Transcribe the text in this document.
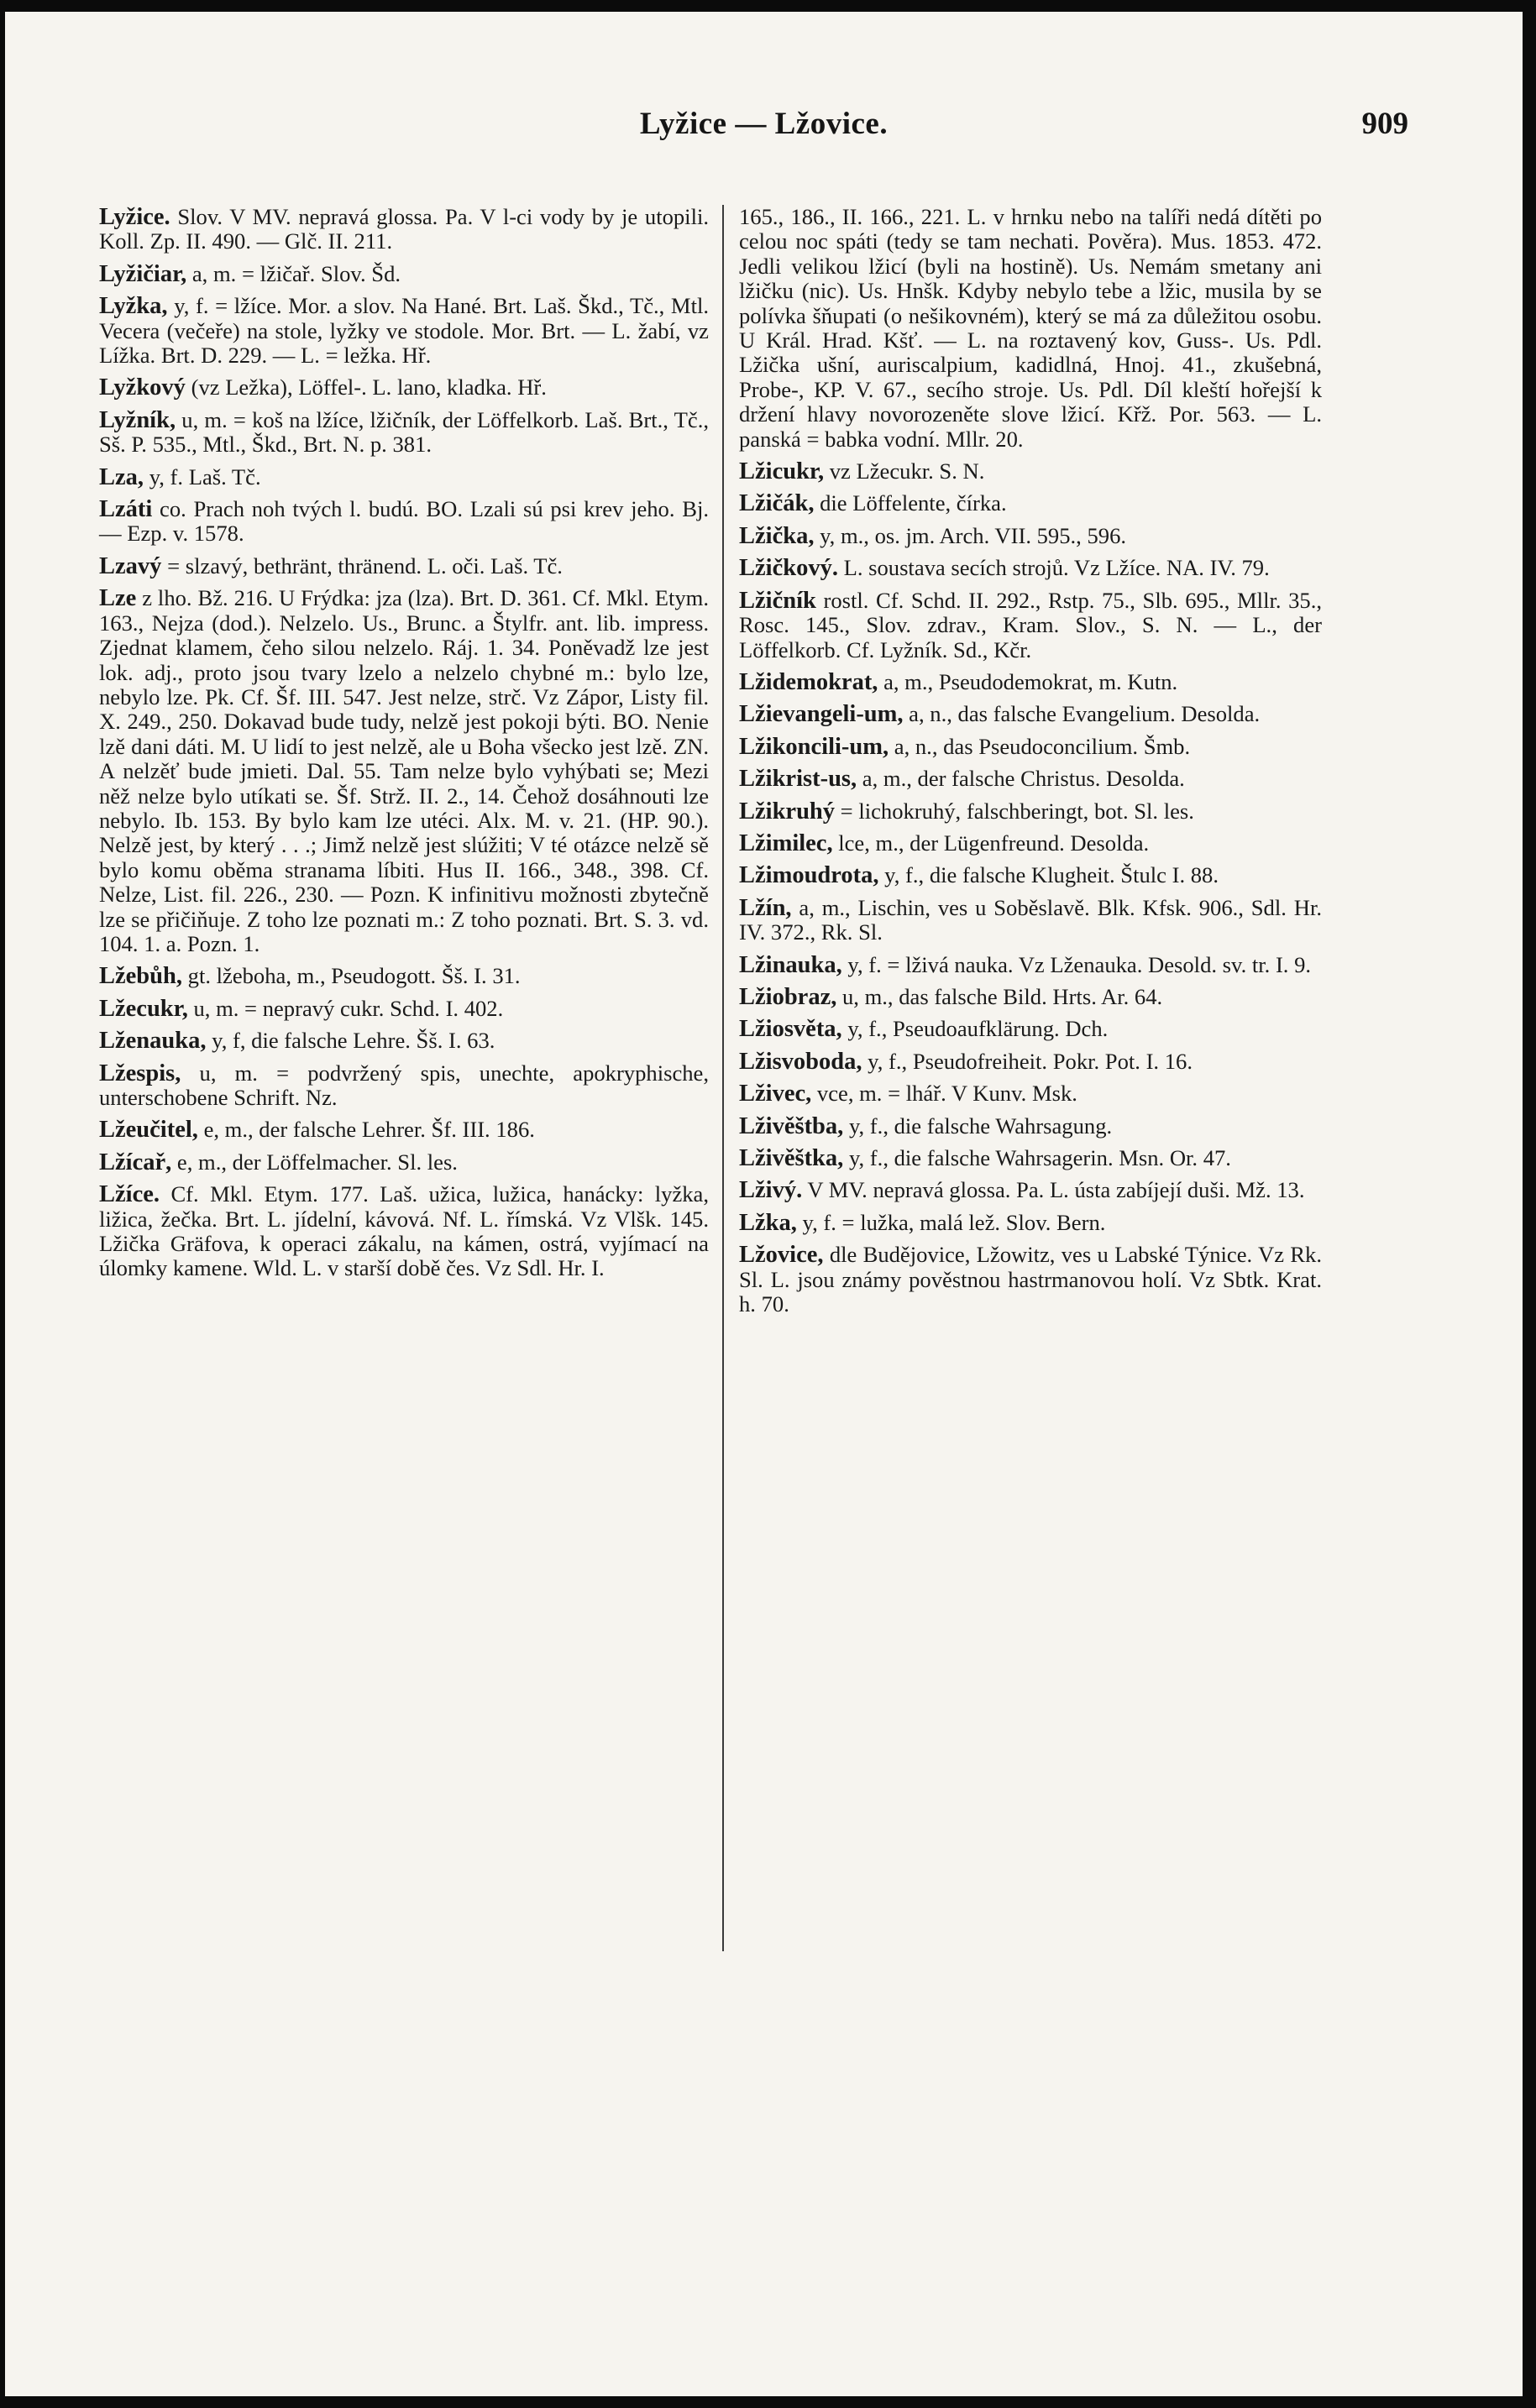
Lyžice — Lžovice.	909

Lyžice. Slov. V MV. nepravá glossa. Pa. V l-ci vody by je utopili. Koll. Zp. II. 490. — Glč. II. 211.

Lyžičiar, a, m. = lžičař. Slov. Šd.

Lyžka, y, f. = lžíce. Mor. a slov. Na Hané. Brt. Laš. Škd., Tč., Mtl. Vecera (večeře) na stole, lyžky ve stodole. Mor. Brt. — L. žabí, vz Lížka. Brt. D. 229. — L. = ležka. Hř.

Lyžkový (vz Ležka), Löffel-. L. lano, kladka. Hř.

Lyžník, u, m. = koš na lžíce, lžičník, der Löffelkorb. Laš. Brt., Tč., Sš. P. 535., Mtl., Škd., Brt. N. p. 381.

Lza, y, f. Laš. Tč.

Lzáti co. Prach noh tvých l. budú. BO. Lzali sú psi krev jeho. Bj. — Ezp. v. 1578.

Lzavý = slzavý, bethränt, thränend. L. oči. Laš. Tč.

Lze z lho. Bž. 216. U Frýdka: jza (lza). Brt. D. 361. Cf. Mkl. Etym. 163., Nejza (dod.). Nelzelo. Us., Brunc. a Štylfr. ant. lib. impress. Zjednat klamem, čeho silou nelzelo. Ráj. 1. 34. Poněvadž lze jest lok. adj., proto jsou tvary lzelo a nelzelo chybné m.: bylo lze, nebylo lze. Pk. Cf. Šf. III. 547. Jest nelze, strč. Vz Zápor, Listy fil. X. 249., 250. Dokavad bude tudy, nelzě jest pokoji býti. BO. Nenie lzě dani dáti. M. U lidí to jest nelzě, ale u Boha všecko jest lzě. ZN. A nelzěť bude jmieti. Dal. 55. Tam nelze bylo vyhýbati se; Mezi něž nelze bylo utíkati se. Šf. Strž. II. 2., 14. Čehož dosáhnouti lze nebylo. Ib. 153. By bylo kam lze utéci. Alx. M. v. 21. (HP. 90.). Nelzě jest, by který . . .; Jimž nelzě jest slúžiti; V té otázce nelzě sě bylo komu oběma stranama líbiti. Hus II. 166., 348., 398. Cf. Nelze, List. fil. 226., 230. — Pozn. K infinitivu možnosti zbytečně lze se přičiňuje. Z toho lze poznati m.: Z toho poznati. Brt. S. 3. vd. 104. 1. a. Pozn. 1.

Lžebůh, gt. lžeboha, m., Pseudogott. Šš. I. 31.

Lžecukr, u, m. = nepravý cukr. Schd. I. 402.

Lženauka, y, f, die falsche Lehre. Šš. I. 63.

Lžespis, u, m. = podvržený spis, unechte, apokryphische, unterschobene Schrift. Nz.

Lžeučitel, e, m., der falsche Lehrer. Šf. III. 186.

Lžícař, e, m., der Löffelmacher. Sl. les.

Lžíce. Cf. Mkl. Etym. 177. Laš. užica, lužica, hanácky: lyžka, ližica, žečka. Brt. L. jídelní, kávová. Nf. L. římská. Vz Vlšk. 145. Lžička Gräfova, k operaci zákalu, na kámen, ostrá, vyjímací na úlomky kamene. Wld. L. v starší době čes. Vz Sdl. Hr. I.

165., 186., II. 166., 221. L. v hrnku nebo na talíři nedá dítěti po celou noc spáti (tedy se tam nechati. Pověra). Mus. 1853. 472. Jedli velikou lžicí (byli na hostině). Us. Nemám smetany ani lžičku (nic). Us. Hnšk. Kdyby nebylo tebe a lžic, musila by se polívka šňupati (o nešikovném), který se má za důležitou osobu. U Král. Hrad. Kšť. — L. na roztavený kov, Guss-. Us. Pdl. Lžička ušní, auriscalpium, kadidlná, Hnoj. 41., zkušebná, Probe-, KP. V. 67., secího stroje. Us. Pdl. Díl kleští hořejší k držení hlavy novorozeněte slove lžicí. Křž. Por. 563. — L. panská = babka vodní. Mllr. 20.

Lžicukr, vz Lžecukr. S. N.

Lžičák, die Löffelente, čírka.

Lžička, y, m., os. jm. Arch. VII. 595., 596.

Lžičkový. L. soustava secích strojů. Vz Lžíce. NA. IV. 79.

Lžičník rostl. Cf. Schd. II. 292., Rstp. 75., Slb. 695., Mllr. 35., Rosc. 145., Slov. zdrav., Kram. Slov., S. N. — L., der Löffelkorb. Cf. Lyžník. Sd., Kčr.

Lžidemokrat, a, m., Pseudodemokrat, m. Kutn.

Lžievangeli-um, a, n., das falsche Evangelium. Desolda.

Lžikoncili-um, a, n., das Pseudoconcilium. Šmb.

Lžikrist-us, a, m., der falsche Christus. Desolda.

Lžikruhý = lichokruhý, falschberingt, bot. Sl. les.

Lžimilec, lce, m., der Lügenfreund. Desolda.

Lžimoudrota, y, f., die falsche Klugheit. Štulc I. 88.

Lžín, a, m., Lischin, ves u Soběslavě. Blk. Kfsk. 906., Sdl. Hr. IV. 372., Rk. Sl.

Lžinauka, y, f. = lživá nauka. Vz Lženauka. Desold. sv. tr. I. 9.

Lžiobraz, u, m., das falsche Bild. Hrts. Ar. 64.

Lžiosvěta, y, f., Pseudoaufklärung. Dch.

Lžisvoboda, y, f., Pseudofreiheit. Pokr. Pot. I. 16.

Lživec, vce, m. = lhář. V Kunv. Msk.

Lživěštba, y, f., die falsche Wahrsagung.

Lživěštka, y, f., die falsche Wahrsagerin. Msn. Or. 47.

Lživý. V MV. nepravá glossa. Pa. L. ústa zabíjejí duši. Mž. 13.

Lžka, y, f. = lužka, malá lež. Slov. Bern.

Lžovice, dle Budějovice, Lžowitz, ves u Labské Týnice. Vz Rk. Sl. L. jsou známy pověstnou hastrmanovou holí. Vz Sbtk. Krat. h. 70.
